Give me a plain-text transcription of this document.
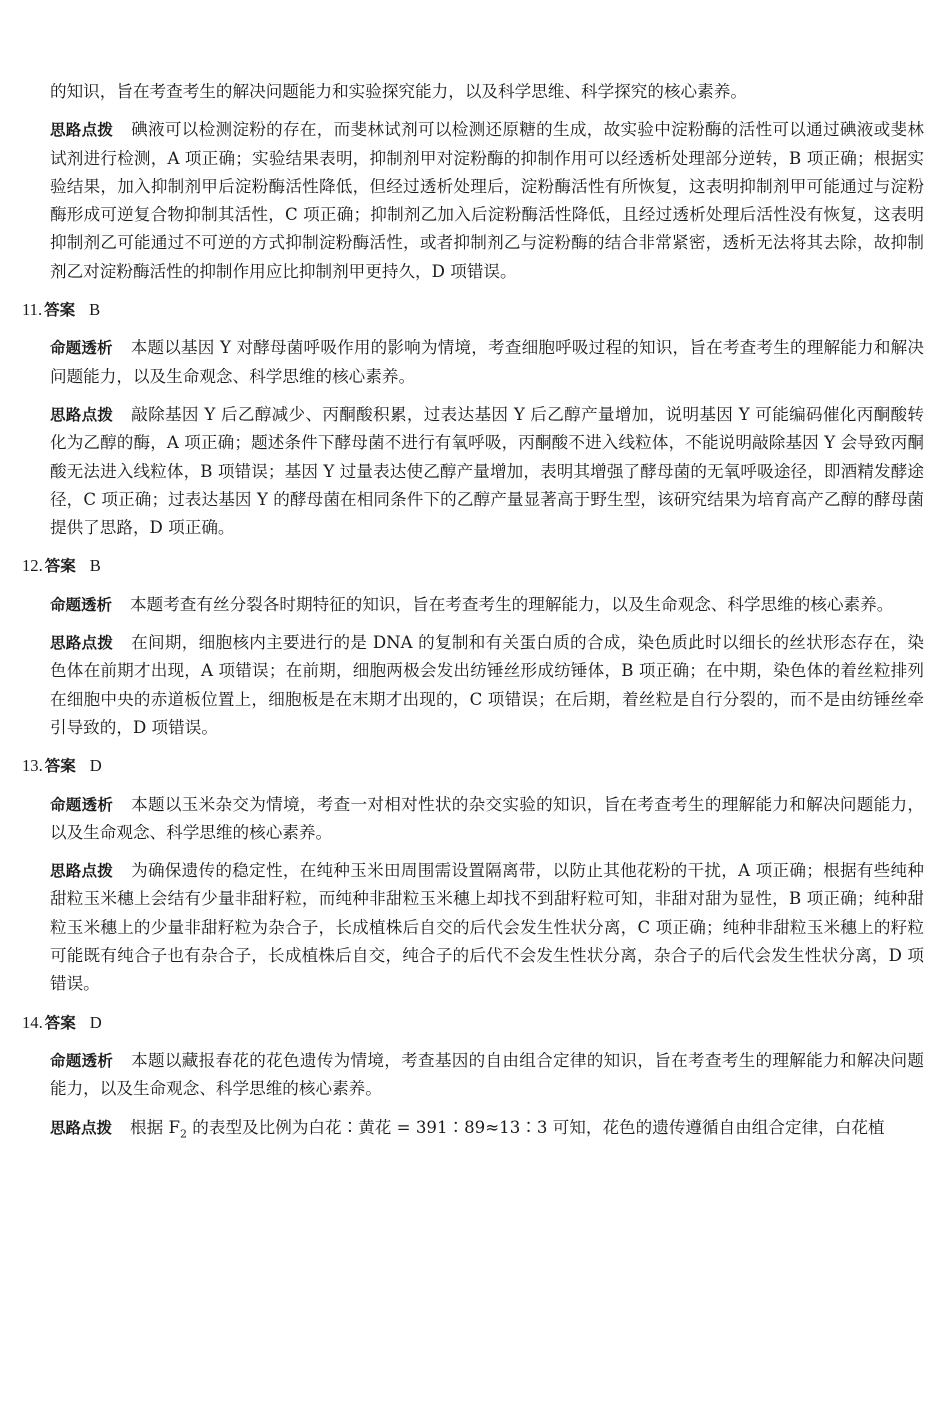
的知识，旨在考查考生的解决问题能力和实验探究能力，以及科学思维、科学探究的核心素养。

思路点拨 碘液可以检测淀粉的存在，而斐林试剂可以检测还原糖的生成，故实验中淀粉酶的活性可以通过碘液或斐林试剂进行检测，A 项正确；实验结果表明，抑制剂甲对淀粉酶的抑制作用可以经透析处理部分逆转，B 项正确；根据实验结果，加入抑制剂甲后淀粉酶活性降低，但经过透析处理后，淀粉酶活性有所恢复，这表明抑制剂甲可能通过与淀粉酶形成可逆复合物抑制其活性，C 项正确；抑制剂乙加入后淀粉酶活性降低，且经过透析处理后活性没有恢复，这表明抑制剂乙可能通过不可逆的方式抑制淀粉酶活性，或者抑制剂乙与淀粉酶的结合非常紧密，透析无法将其去除，故抑制剂乙对淀粉酶活性的抑制作用应比抑制剂甲更持久，D 项错误。

11. 答案 B

命题透析 本题以基因 Y 对酵母菌呼吸作用的影响为情境，考查细胞呼吸过程的知识，旨在考查考生的理解能力和解决问题能力，以及生命观念、科学思维的核心素养。

思路点拨 敲除基因 Y 后乙醇减少、丙酮酸积累，过表达基因 Y 后乙醇产量增加，说明基因 Y 可能编码催化丙酮酸转化为乙醇的酶，A 项正确；题述条件下酵母菌不进行有氧呼吸，丙酮酸不进入线粒体，不能说明敲除基因 Y 会导致丙酮酸无法进入线粒体，B 项错误；基因 Y 过量表达使乙醇产量增加，表明其增强了酵母菌的无氧呼吸途径，即酒精发酵途径，C 项正确；过表达基因 Y 的酵母菌在相同条件下的乙醇产量显著高于野生型，该研究结果为培育高产乙醇的酵母菌提供了思路，D 项正确。

12. 答案 B

命题透析 本题考查有丝分裂各时期特征的知识，旨在考查考生的理解能力，以及生命观念、科学思维的核心素养。

思路点拨 在间期，细胞核内主要进行的是 DNA 的复制和有关蛋白质的合成，染色质此时以细长的丝状形态存在，染色体在前期才出现，A 项错误；在前期，细胞两极会发出纺锤丝形成纺锤体，B 项正确；在中期，染色体的着丝粒排列在细胞中央的赤道板位置上，细胞板是在末期才出现的，C 项错误；在后期，着丝粒是自行分裂的，而不是由纺锤丝牵引导致的，D 项错误。

13. 答案 D

命题透析 本题以玉米杂交为情境，考查一对相对性状的杂交实验的知识，旨在考查考生的理解能力和解决问题能力，以及生命观念、科学思维的核心素养。

思路点拨 为确保遗传的稳定性，在纯种玉米田周围需设置隔离带，以防止其他花粉的干扰，A 项正确；根据有些纯种甜粒玉米穗上会结有少量非甜籽粒，而纯种非甜粒玉米穗上却找不到甜籽粒可知，非甜对甜为显性，B 项正确；纯种甜粒玉米穗上的少量非甜籽粒为杂合子，长成植株后自交的后代会发生性状分离，C 项正确；纯种非甜粒玉米穗上的籽粒可能既有纯合子也有杂合子，长成植株后自交，纯合子的后代不会发生性状分离，杂合子的后代会发生性状分离，D 项错误。

14. 答案 D

命题透析 本题以藏报春花的花色遗传为情境，考查基因的自由组合定律的知识，旨在考查考生的理解能力和解决问题能力，以及生命观念、科学思维的核心素养。

思路点拨 根据 $F_2$ 的表型及比例为白花∶黄花 = 391∶89≈13∶3 可知，花色的遗传遵循自由组合定律，白花植
